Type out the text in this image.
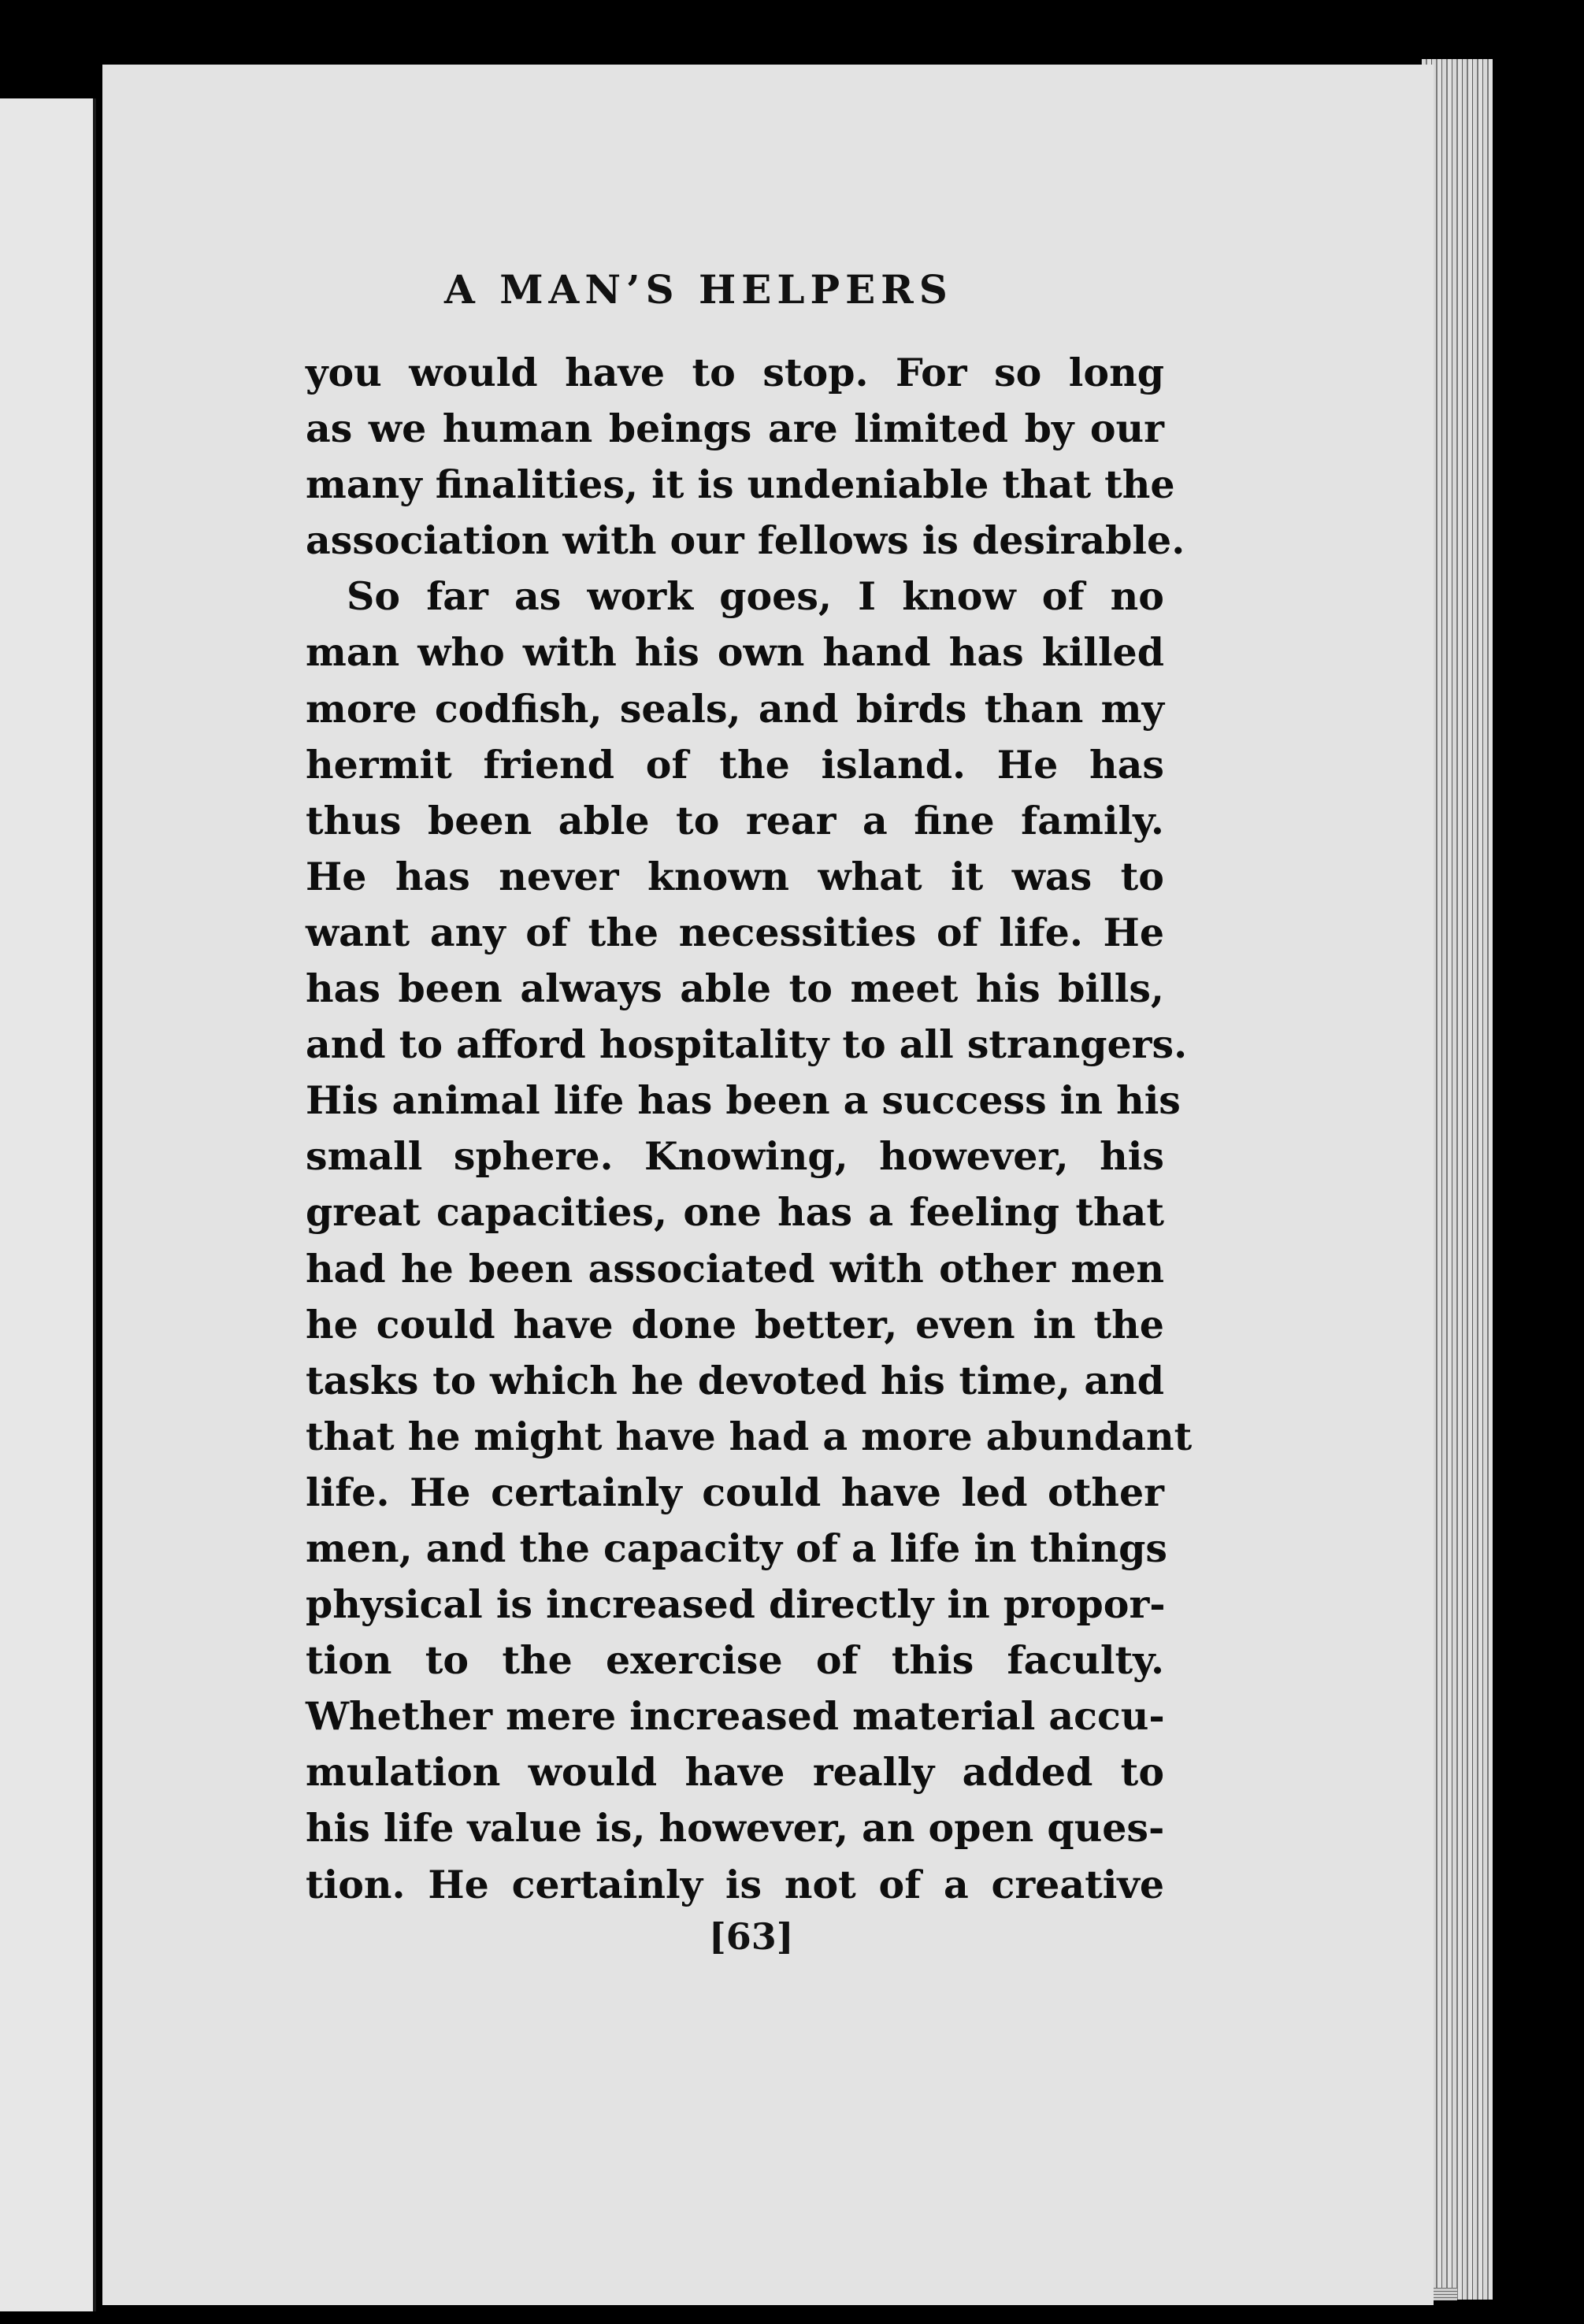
A MAN’S HELPERS
you would have to stop. For so long
as we human beings are limited by our
many finalities, it is undeniable that the
association with our fellows is desirable.
So far as work goes, I know of no
man who with his own hand has killed
more codfish, seals, and birds than my
hermit friend of the island. He has
thus been able to rear a fine family.
He has never known what it was to
want any of the necessities of life. He
has been always able to meet his bills,
and to afford hospitality to all strangers.
His animal life has been a success in his
small sphere. Knowing, however, his
great capacities, one has a feeling that
had he been associated with other men
he could have done better, even in the
tasks to which he devoted his time, and
that he might have had a more abundant
life. He certainly could have led other
men, and the capacity of a life in things
physical is increased directly in propor-
tion to the exercise of this faculty.
Whether mere increased material accu-
mulation would have really added to
his life value is, however, an open ques-
tion. He certainly is not of a creative
[63]
